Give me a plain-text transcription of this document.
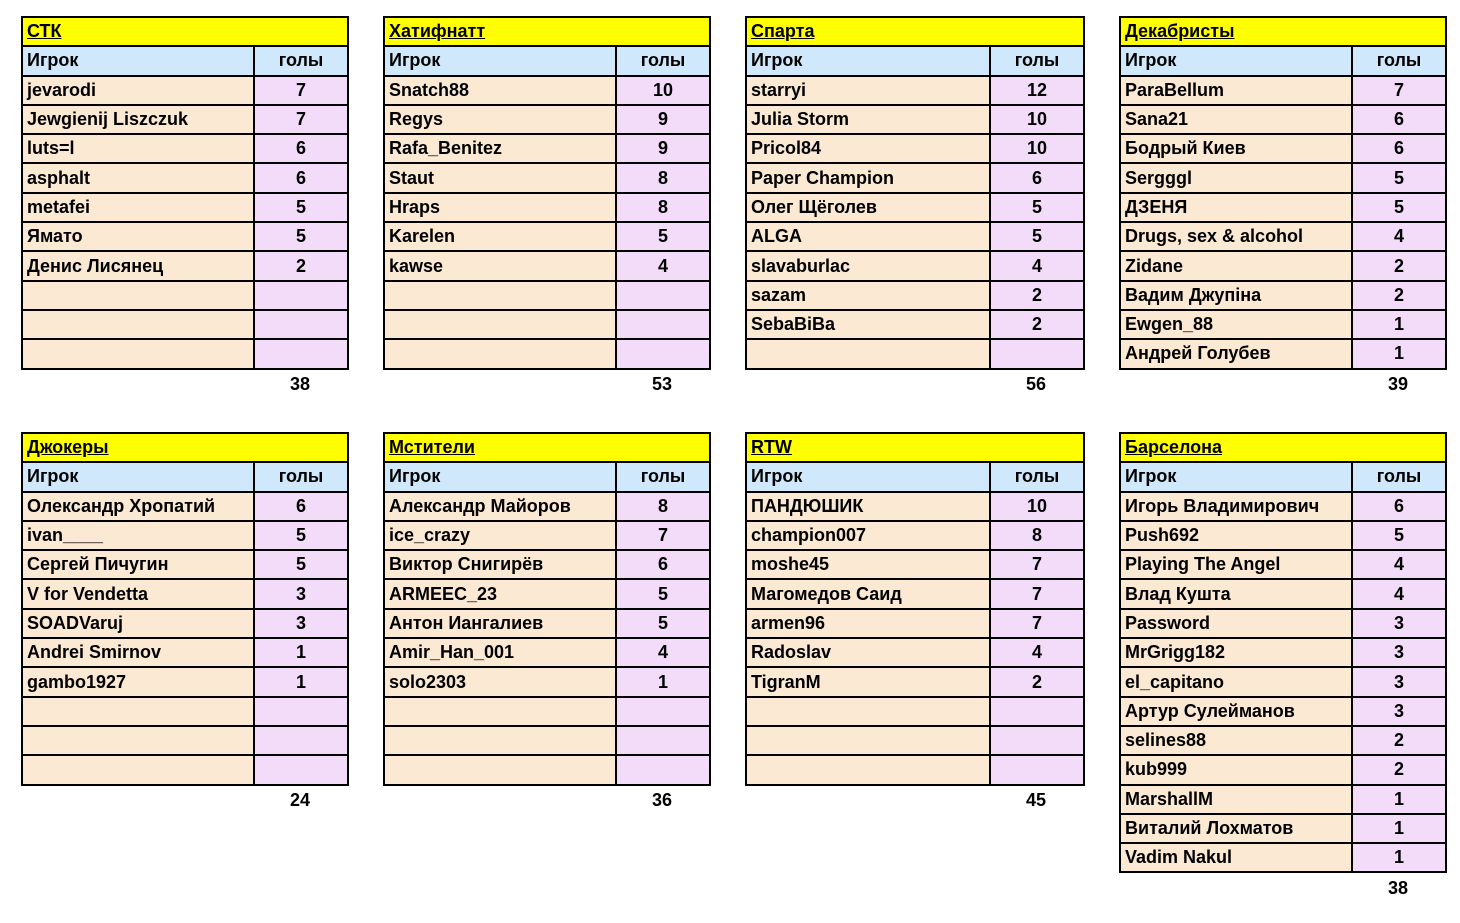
СТК	
Игрок	голы
jevarodi	7
Jewgienij Liszczuk	7
luts=l	6
asphalt	6
metafei	5
Ямато	5
Денис Лисянец	2

38
Хатифнатт	
Игрок	голы
Snatch88	10
Regys	9
Rafa_Benitez	9
Staut	8
Hraps	8
Karelen	5
kawse	4

53
Спарта	
Игрок	голы
starryi	12
Julia Storm	10
Pricol84	10
Paper Champion	6
Олег Щёголев	5
ALGA	5
slavaburlac	4
sazam	2
SebaBiBa	2

56
Декабристы	
Игрок	голы
ParaBellum	7
Sana21	6
Бодрый Киев	6
Sergggl	5
ДЗЕНЯ	5
Drugs, sex & alcohol	4
Zidane	2
Вадим Джупіна	2
Ewgen_88	1
Андрей Голубев	1
39
Джокеры	
Игрок	голы
Олександр Хропатий	6
ivan____	5
Сергей Пичугин	5
V for Vendetta	3
SOADVaruj	3
Andrei Smirnov	1
gambo1927	1

24
Мстители	
Игрок	голы
Александр Майоров	8
ice_crazy	7
Виктор Снигирёв	6
ARMEEC_23	5
Антон Иангалиев	5
Amir_Han_001	4
solo2303	1

36
RTW	
Игрок	голы
ПАНДЮШИК	10
champion007	8
moshe45	7
Магомедов Саид	7
armen96	7
Radoslav	4
TigranM	2

45
Барселона	
Игрок	голы
Игорь Владимирович	6
Push692	5
Playing The Angel	4
Влад Кушта	4
Password	3
MrGrigg182	3
el_capitano	3
Артур Сулейманов	3
selines88	2
kub999	2
MarshallM	1
Виталий Лохматов	1
Vadim Nakul	1
38
